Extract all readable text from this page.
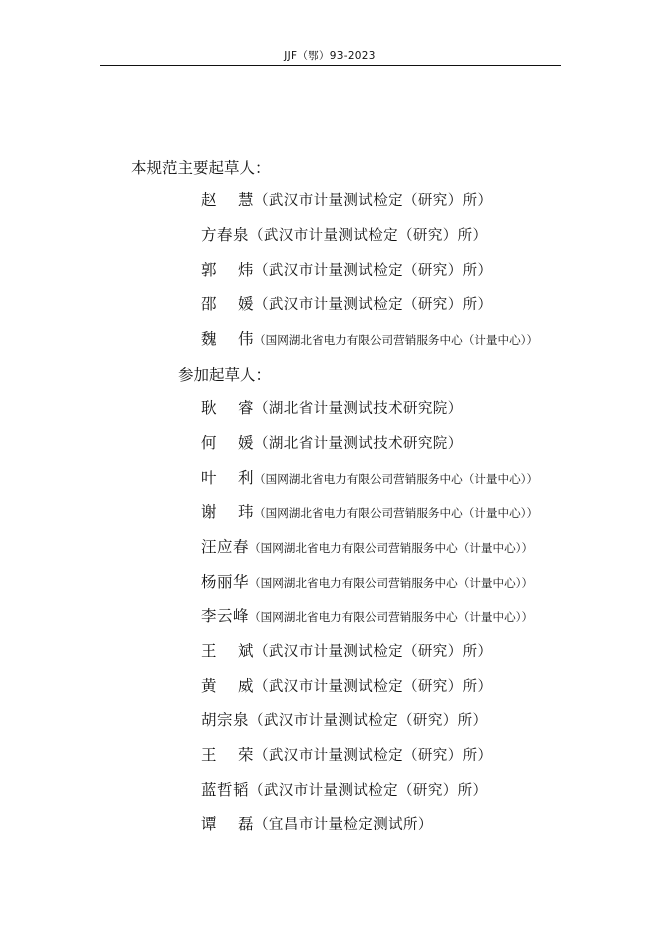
JJF（鄂）93-2023
本规范主要起草人：
赵 慧（武汉市计量测试检定（研究）所）
方春泉（武汉市计量测试检定（研究）所）
郭 炜（武汉市计量测试检定（研究）所）
邵 媛（武汉市计量测试检定（研究）所）
魏 伟（国网湖北省电力有限公司营销服务中心（计量中心））
参加起草人：
耿 睿（湖北省计量测试技术研究院）
何 媛（湖北省计量测试技术研究院）
叶 利（国网湖北省电力有限公司营销服务中心（计量中心））
谢 玮（国网湖北省电力有限公司营销服务中心（计量中心））
汪应春（国网湖北省电力有限公司营销服务中心（计量中心））
杨丽华（国网湖北省电力有限公司营销服务中心（计量中心））
李云峰（国网湖北省电力有限公司营销服务中心（计量中心））
王 斌（武汉市计量测试检定（研究）所）
黄 威（武汉市计量测试检定（研究）所）
胡宗泉（武汉市计量测试检定（研究）所）
王 荣（武汉市计量测试检定（研究）所）
蓝哲韬（武汉市计量测试检定（研究）所）
谭 磊（宜昌市计量检定测试所）
